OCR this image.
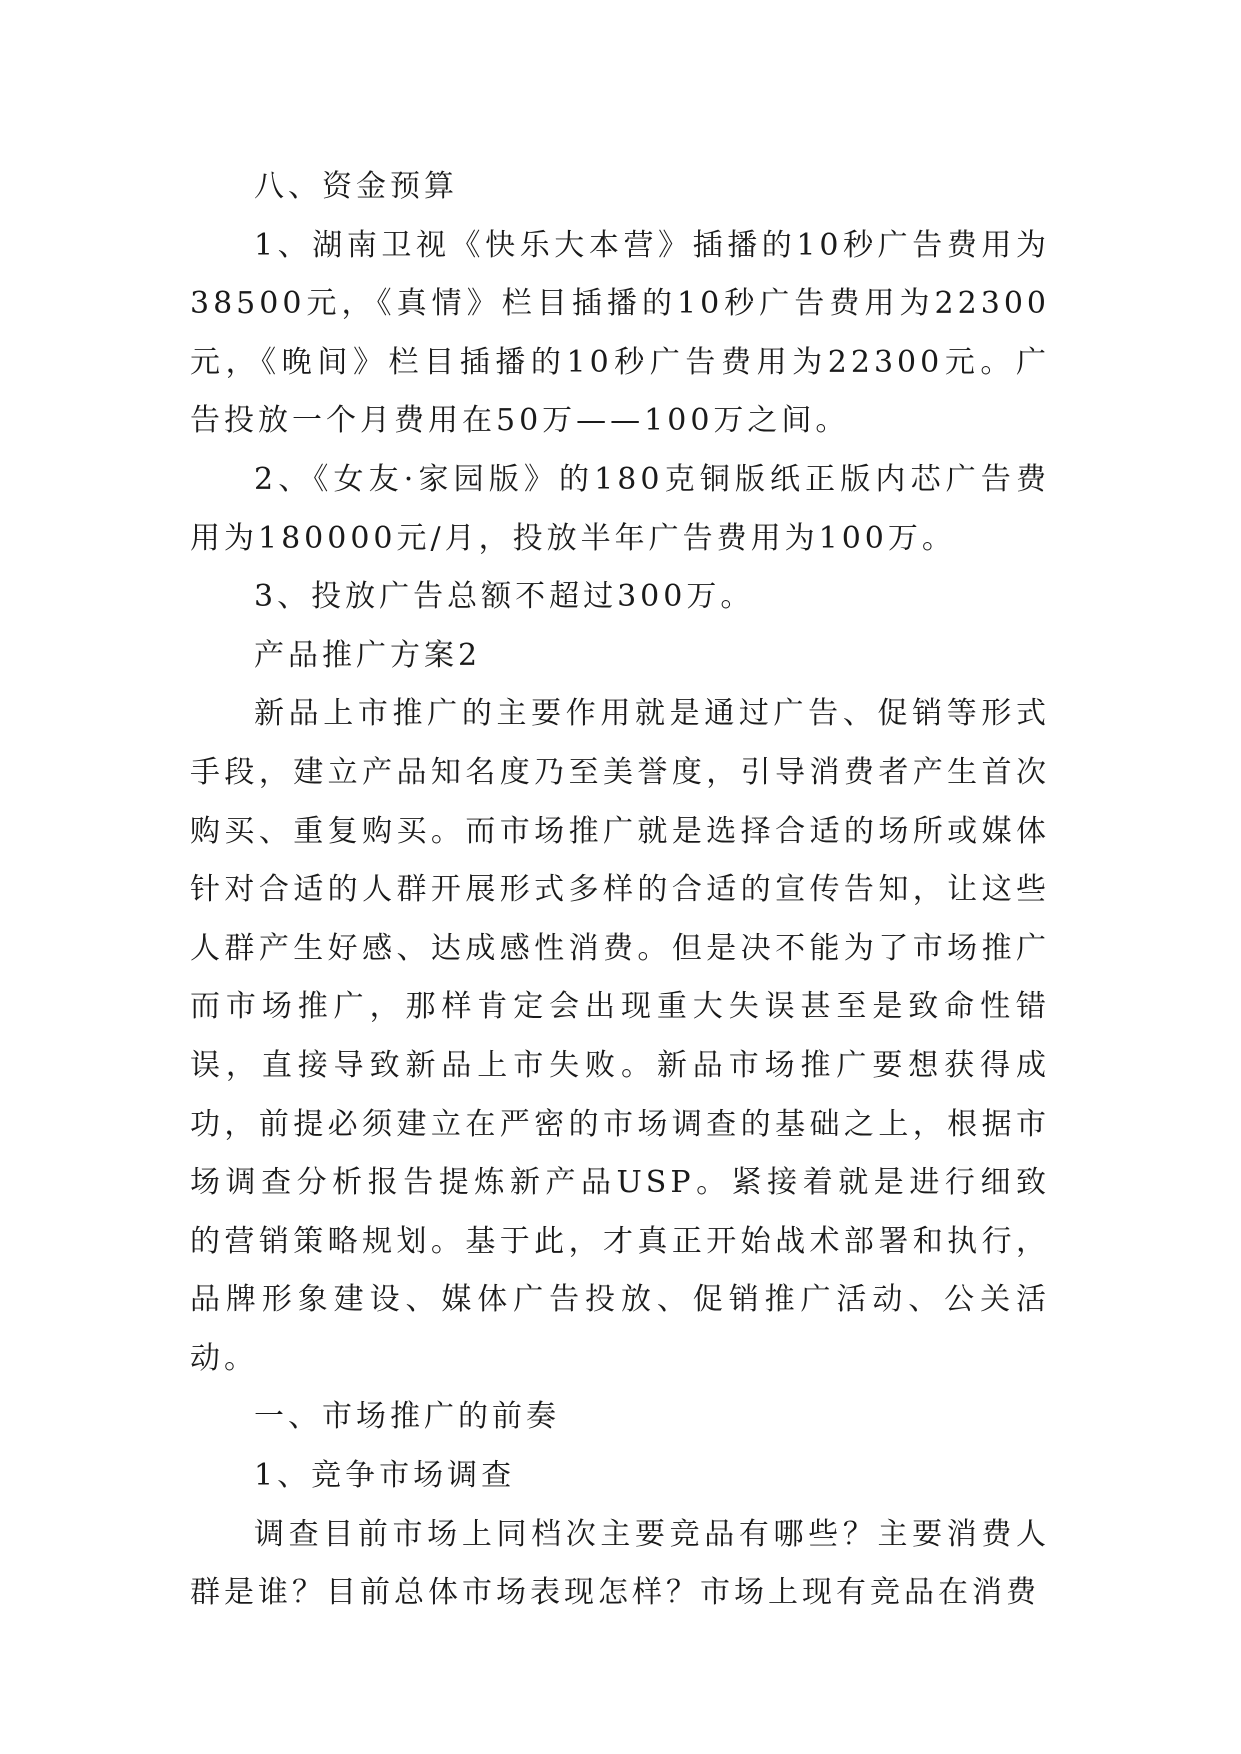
八、资金预算

1、湖南卫视《快乐大本营》插播的10秒广告费用为38500元，《真情》栏目插播的10秒广告费用为22300元，《晚间》栏目插播的10秒广告费用为22300元。广告投放一个月费用在50万——100万之间。

2、《女友·家园版》的180克铜版纸正版内芯广告费用为180000元/月，投放半年广告费用为100万。

3、投放广告总额不超过300万。

产品推广方案2

新品上市推广的主要作用就是通过广告、促销等形式手段，建立产品知名度乃至美誉度，引导消费者产生首次购买、重复购买。而市场推广就是选择合适的场所或媒体针对合适的人群开展形式多样的合适的宣传告知，让这些人群产生好感、达成感性消费。但是决不能为了市场推广而市场推广，那样肯定会出现重大失误甚至是致命性错误，直接导致新品上市失败。新品市场推广要想获得成功，前提必须建立在严密的市场调查的基础之上，根据市场调查分析报告提炼新产品USP。紧接着就是进行细致的营销策略规划。基于此，才真正开始战术部署和执行，品牌形象建设、媒体广告投放、促销推广活动、公关活动。

一、市场推广的前奏

1、竞争市场调查

调查目前市场上同档次主要竞品有哪些？主要消费人群是谁？目前总体市场表现怎样？市场上现有竞品在消费
